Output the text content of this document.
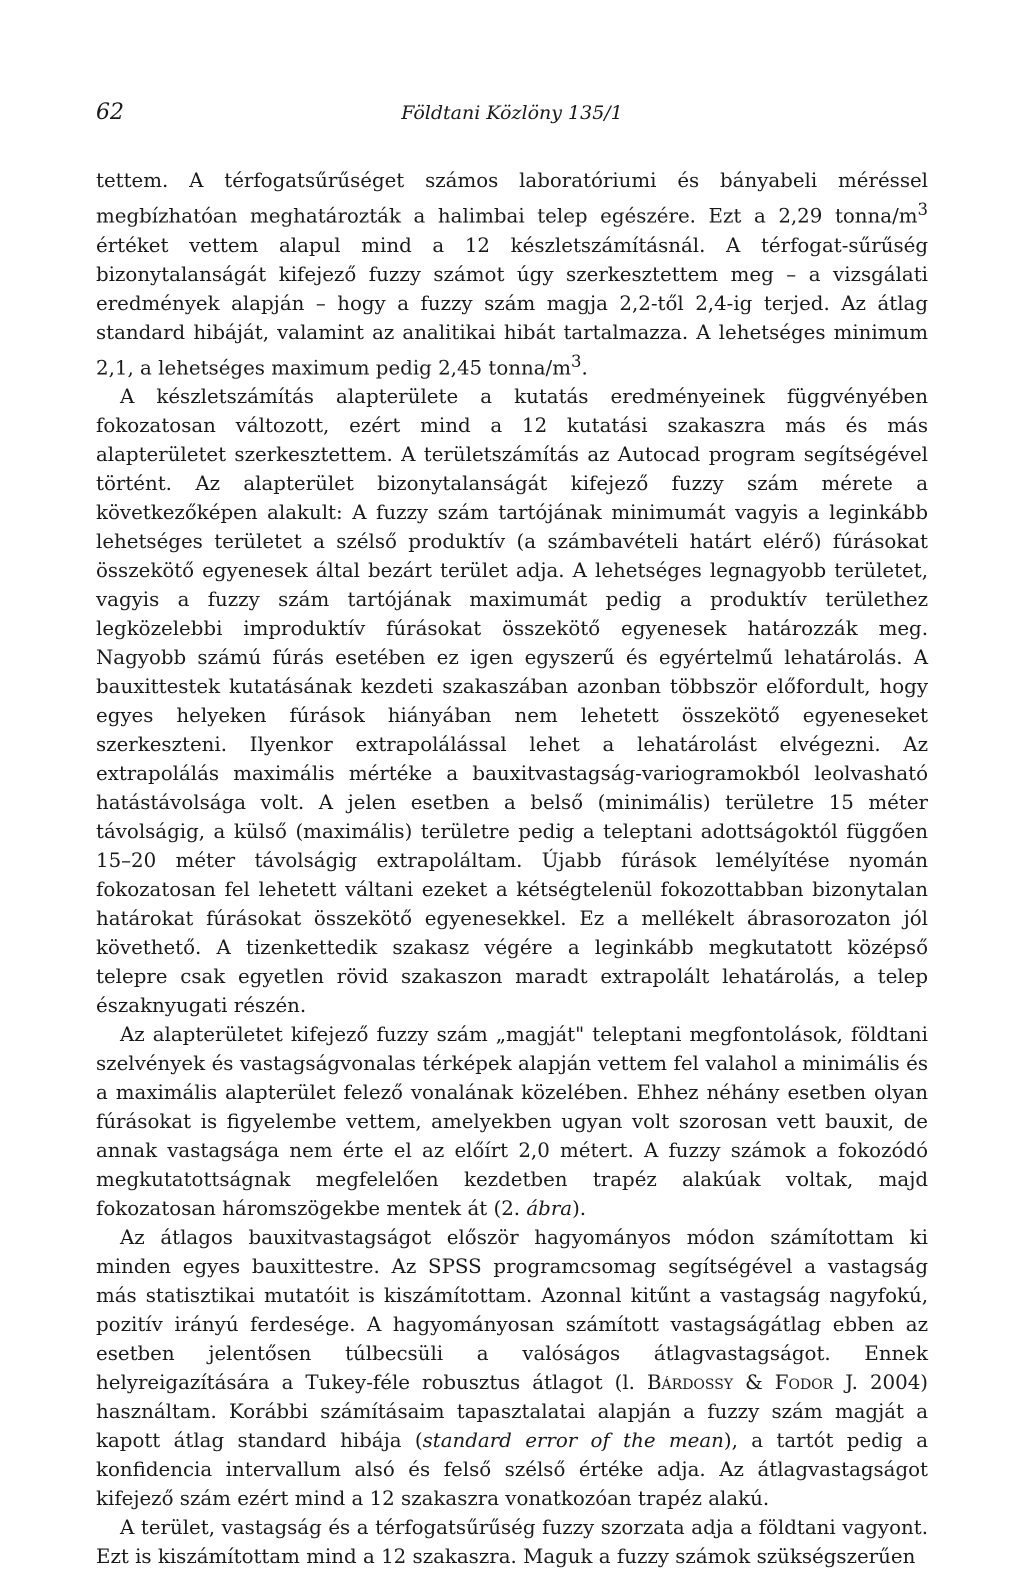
62	Földtani Közlöny 135/1

tettem. A térfogatsűrűséget számos laboratóriumi és bányabeli méréssel megbízhatóan meghatározták a halimbai telep egészére. Ezt a 2,29 tonna/$m^3$ értéket vettem alapul mind a 12 készletszámításnál. A térfogat-sűrűség bizonytalanságát kifejező fuzzy számot úgy szerkesztettem meg – a vizsgálati eredmények alapján – hogy a fuzzy szám magja 2,2-től 2,4-ig terjed. Az átlag standard hibáját, valamint az analitikai hibát tartalmazza. A lehetséges minimum 2,1, a lehetséges maximum pedig 2,45 tonna/$m^3$.

A készletszámítás alapterülete a kutatás eredményeinek függvényében fokozatosan változott, ezért mind a 12 kutatási szakaszra más és más alapterületet szerkesztettem. A területszámítás az Autocad program segítségével történt. Az alapterület bizonytalanságát kifejező fuzzy szám mérete a következőképen alakult: A fuzzy szám tartójának minimumát vagyis a leginkább lehetséges területet a szélső produktív (a számbavételi határt elérő) fúrásokat összekötő egyenesek által bezárt terület adja. A lehetséges legnagyobb területet, vagyis a fuzzy szám tartójának maximumát pedig a produktív területhez legközelebbi improduktív fúrásokat összekötő egyenesek határozzák meg. Nagyobb számú fúrás esetében ez igen egyszerű és egyértelmű lehatárolás. A bauxittestek kutatásának kezdeti szakaszában azonban többször előfordult, hogy egyes helyeken fúrások hiányában nem lehetett összekötő egyeneseket szerkeszteni. Ilyenkor extrapolálással lehet a lehatárolást elvégezni. Az extrapolálás maximális mértéke a bauxitvastagság-variogramokból leolvasható hatástávolsága volt. A jelen esetben a belső (minimális) területre 15 méter távolságig, a külső (maximális) területre pedig a teleptani adottságoktól függően 15–20 méter távolságig extrapoláltam. Újabb fúrások lemélyítése nyomán fokozatosan fel lehetett váltani ezeket a kétségtelenül fokozottabban bizonytalan határokat fúrásokat összekötő egyenesekkel. Ez a mellékelt ábrasorozaton jól követhető. A tizenkettedik szakasz végére a leginkább megkutatott középső telepre csak egyetlen rövid szakaszon maradt extrapolált lehatárolás, a telep északnyugati részén.

Az alapterületet kifejező fuzzy szám „magját" teleptani megfontolások, földtani szelvények és vastagságvonalas térképek alapján vettem fel valahol a minimális és a maximális alapterület felező vonalának közelében. Ehhez néhány esetben olyan fúrásokat is figyelembe vettem, amelyekben ugyan volt szorosan vett bauxit, de annak vastagsága nem érte el az előírt 2,0 métert. A fuzzy számok a fokozódó megkutatottságnak megfelelően kezdetben trapéz alakúak voltak, majd fokozatosan háromszögekbe mentek át (2. ábra).

Az átlagos bauxitvastagságot először hagyományos módon számítottam ki minden egyes bauxittestre. Az SPSS programcsomag segítségével a vastagság más statisztikai mutatóit is kiszámítottam. Azonnal kitűnt a vastagság nagyfokú, pozitív irányú ferdesége. A hagyományosan számított vastagságátlag ebben az esetben jelentősen túlbecsüli a valóságos átlagvastagságot. Ennek helyreigazítására a Tukey-féle robusztus átlagot (l. Bárdossy & Fodor J. 2004) használtam. Korábbi számításaim tapasztalatai alapján a fuzzy szám magját a kapott átlag standard hibája (standard error of the mean), a tartót pedig a konfidencia intervallum alsó és felső szélső értéke adja. Az átlagvastagságot kifejező szám ezért mind a 12 szakaszra vonatkozóan trapéz alakú.

A terület, vastagság és a térfogatsűrűség fuzzy szorzata adja a földtani vagyont. Ezt is kiszámítottam mind a 12 szakaszra. Maguk a fuzzy számok szükségszerűen
